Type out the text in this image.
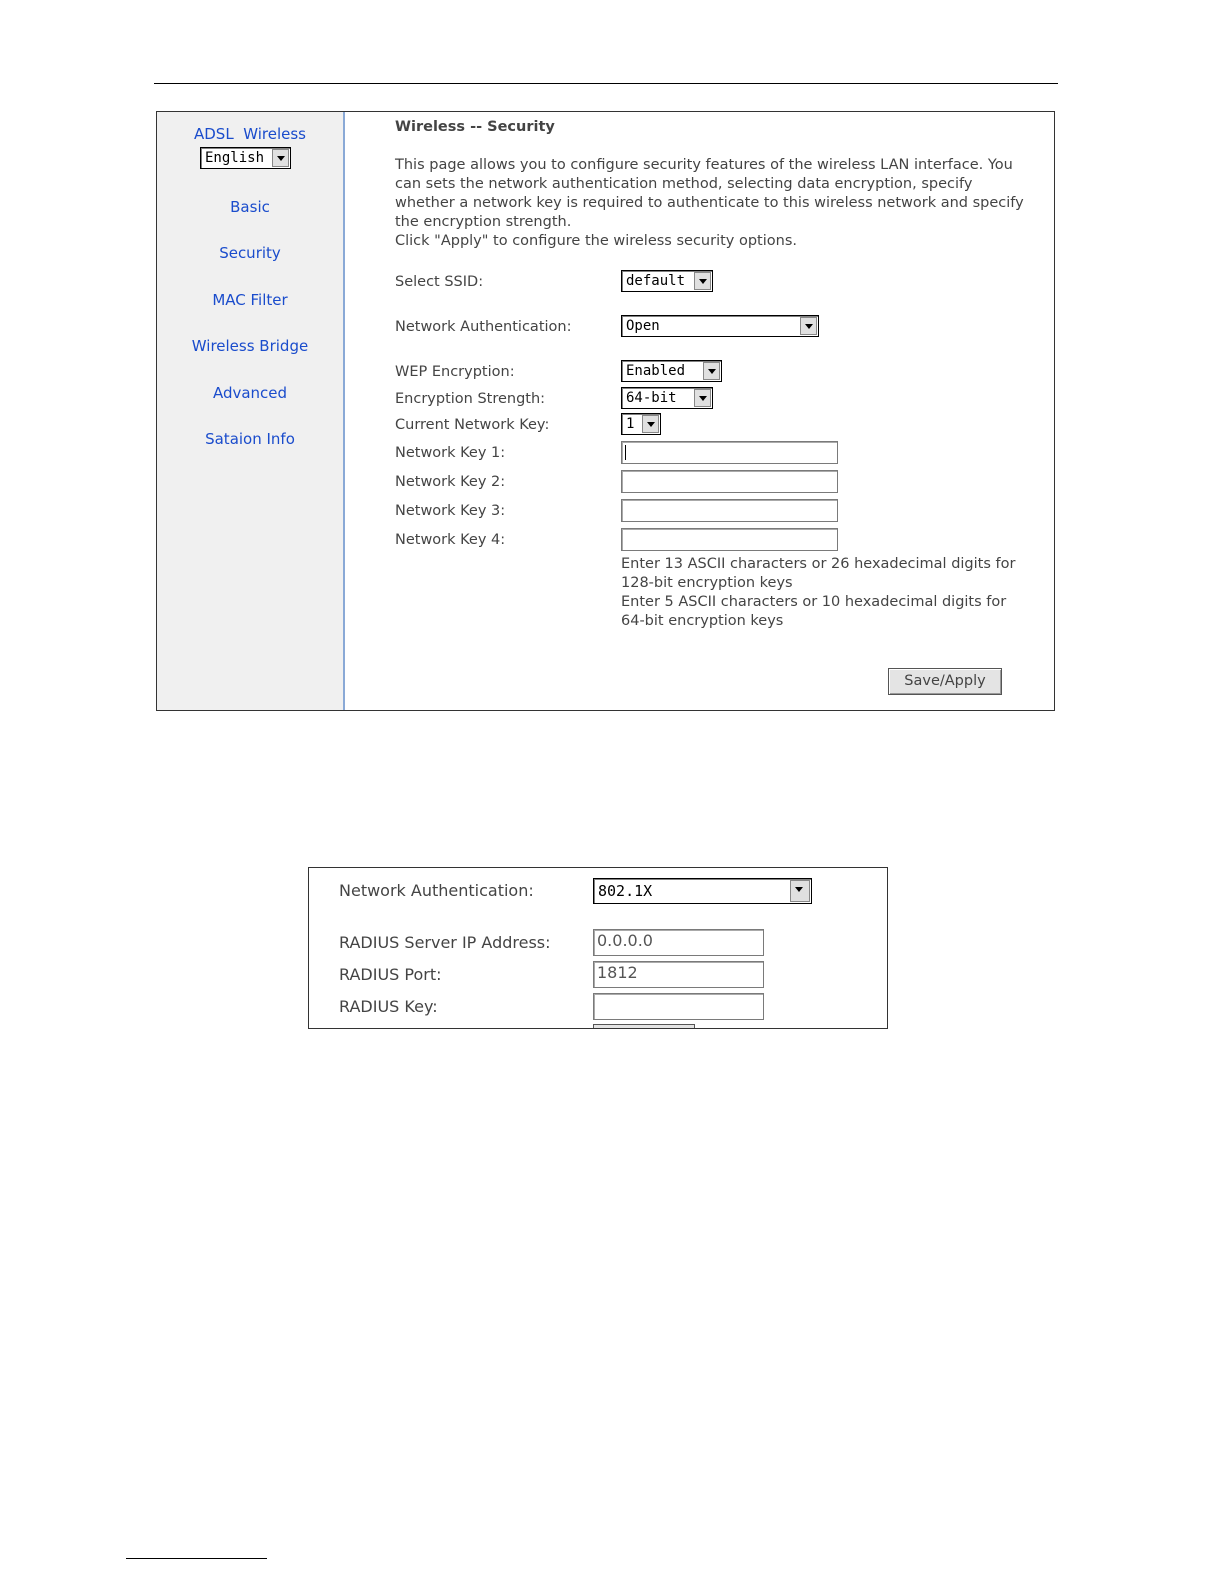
ADSL  Wireless
English
Basic
Security
MAC Filter
Wireless Bridge
Advanced
Sataion Info
Wireless -- Security

This page allows you to configure security features of the wireless LAN interface. You can sets the network authentication method, selecting data encryption, specify whether a network key is required to authenticate to this wireless network and specify the encryption strength.

Click "Apply" to configure the wireless security options.

Select SSID:	default
Network Authentication:	Open
WEP Encryption:	Enabled
Encryption Strength:	64-bit
Current Network Key:	1
Network Key 1:
Network Key 2:
Network Key 3:
Network Key 4:

Enter 13 ASCII characters or 26 hexadecimal digits for 128-bit encryption keys

Enter 5 ASCII characters or 10 hexadecimal digits for 64-bit encryption keys

Save/Apply
Network Authentication:	802.1X
RADIUS Server IP Address:	0.0.0.0
RADIUS Port:	1812
RADIUS Key:
